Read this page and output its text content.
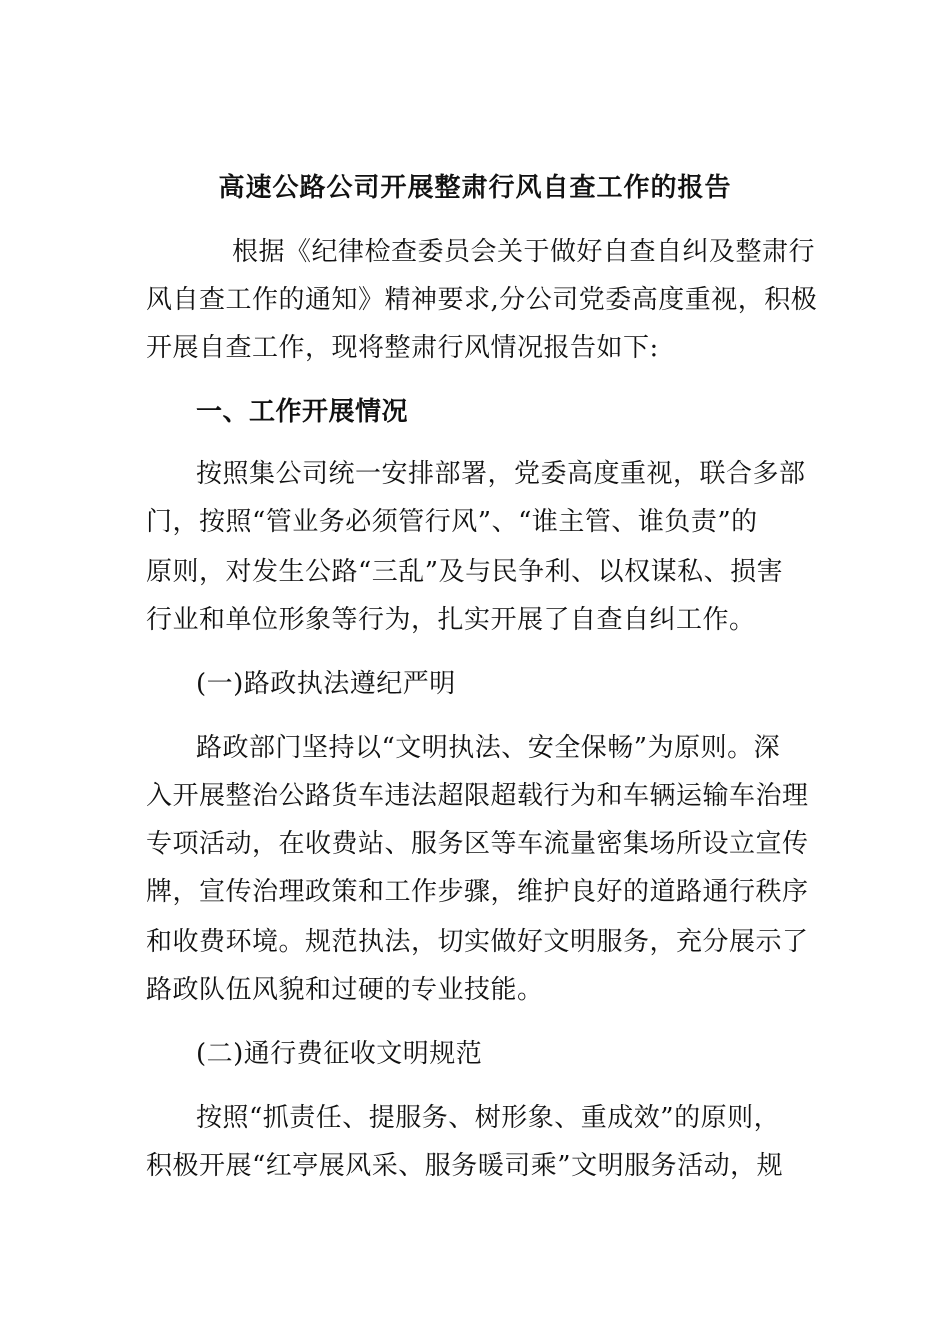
高速公路公司开展整肃行风自查工作的报告
根据《纪律检查委员会关于做好自查自纠及整肃行
风自查工作的通知》精神要求,分公司党委高度重视，积极
开展自查工作，现将整肃行风情况报告如下:
一、工作开展情况
按照集公司统一安排部署，党委高度重视，联合多部
门，按照“管业务必须管行风”、“谁主管、谁负责”的
原则，对发生公路“三乱”及与民争利、以权谋私、损害
行业和单位形象等行为，扎实开展了自查自纠工作。
(一)路政执法遵纪严明
路政部门坚持以“文明执法、安全保畅”为原则。深
入开展整治公路货车违法超限超载行为和车辆运输车治理
专项活动，在收费站、服务区等车流量密集场所设立宣传
牌，宣传治理政策和工作步骤，维护良好的道路通行秩序
和收费环境。规范执法，切实做好文明服务，充分展示了
路政队伍风貌和过硬的专业技能。
(二)通行费征收文明规范
按照“抓责任、提服务、树形象、重成效”的原则，
积极开展“红亭展风采、服务暖司乘”文明服务活动，规
